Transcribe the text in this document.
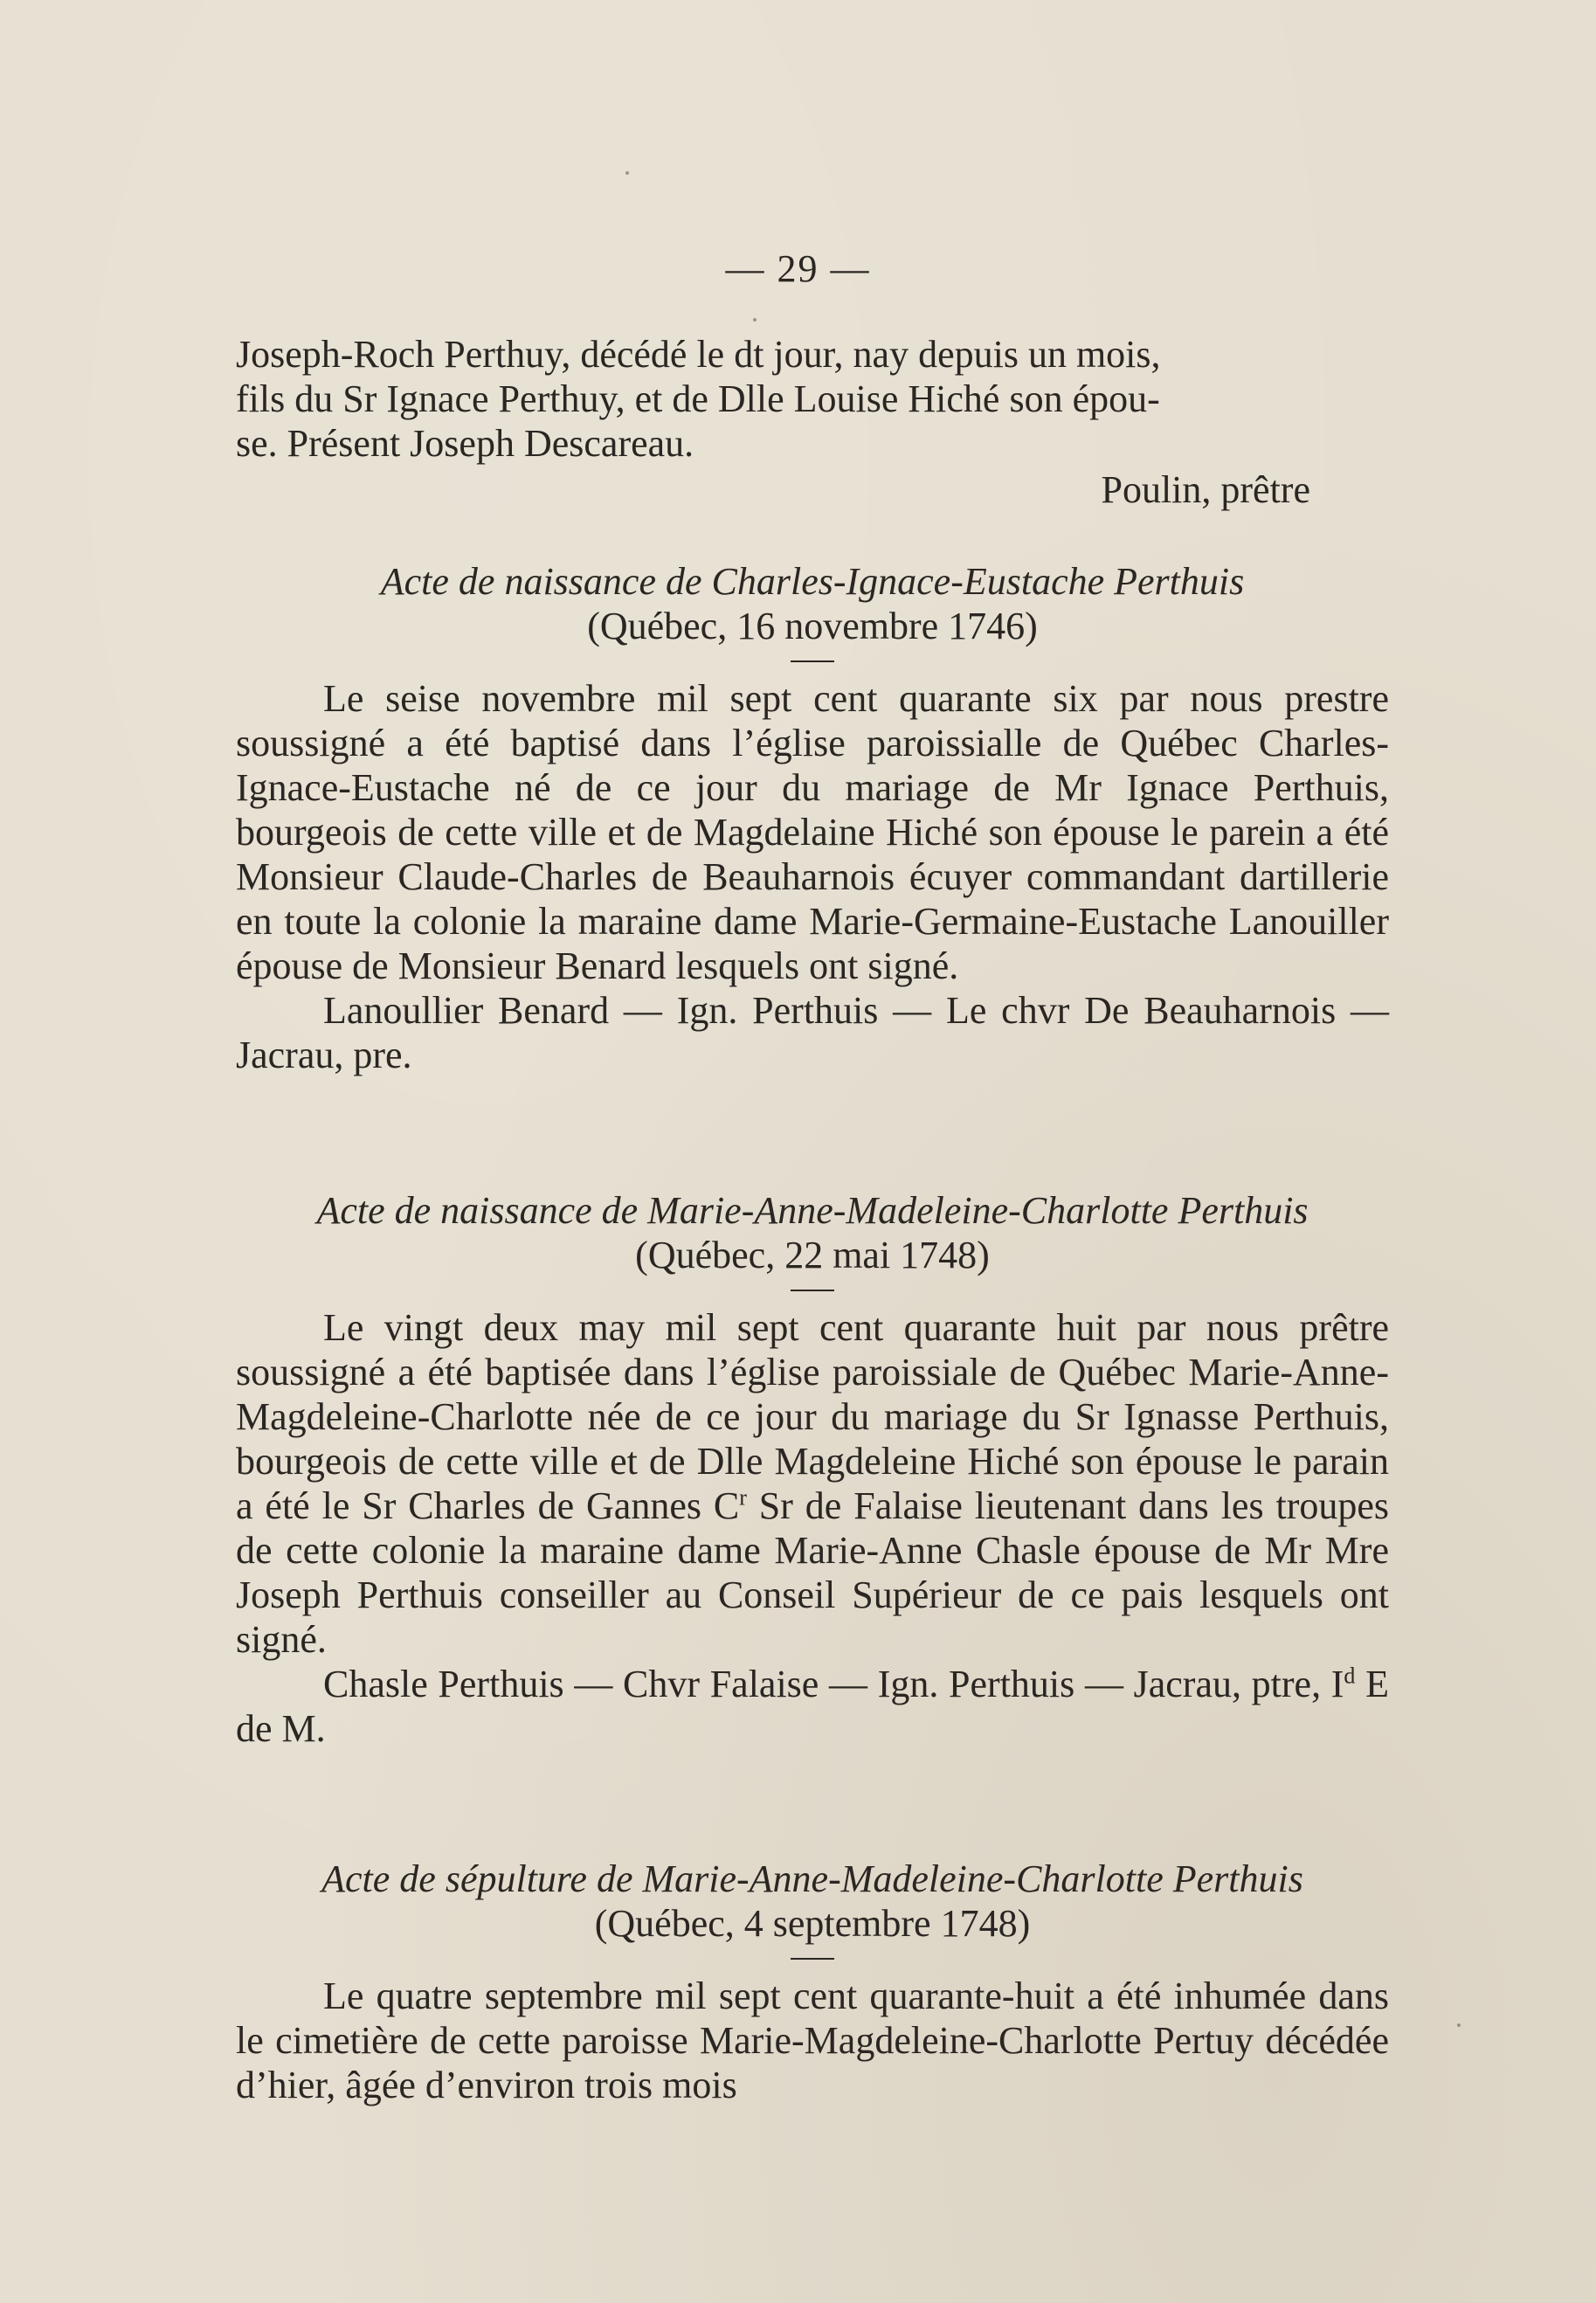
— 29 —

Joseph-Roch Perthuy, décédé le dt jour, nay depuis un mois,

fils du Sr Ignace Perthuy, et de Dlle Louise Hiché son épou-

se. Présent Joseph Descareau.

Poulin, prêtre

Acte de naissance de Charles-Ignace-Eustache Perthuis

(Québec, 16 novembre 1746)

Le seise novembre mil sept cent quarante six par nous prestre soussigné a été baptisé dans l’église paroissialle de Québec Charles-Ignace-Eustache né de ce jour du mariage de Mr Ignace Perthuis, bourgeois de cette ville et de Magdelaine Hiché son épouse le parein a été Monsieur Claude-Charles de Beauharnois écuyer commandant dartillerie en toute la colonie la maraine dame Marie-Germaine-Eustache Lanouiller épouse de Monsieur Benard lesquels ont signé.

Lanoullier Benard — Ign. Perthuis — Le chvr De Beauharnois — Jacrau, pre.

Acte de naissance de Marie-Anne-Madeleine-Charlotte Perthuis

(Québec, 22 mai 1748)

Le vingt deux may mil sept cent quarante huit par nous prêtre soussigné a été baptisée dans l’église paroissiale de Québec Marie-Anne-Magdeleine-Charlotte née de ce jour du mariage du Sr Ignasse Perthuis, bourgeois de cette ville et de Dlle Magdeleine Hiché son épouse le parain a été le Sr Charles de Gannes $C^r$ Sr de Falaise lieutenant dans les troupes de cette colonie la maraine dame Marie-Anne Chasle épouse de Mr Mre Joseph Perthuis conseiller au Conseil Supérieur de ce pais lesquels ont signé.

Chasle Perthuis — Chvr Falaise — Ign. Perthuis — Jacrau, ptre, $I^d$ E de M.

Acte de sépulture de Marie-Anne-Madeleine-Charlotte Perthuis

(Québec, 4 septembre 1748)

Le quatre septembre mil sept cent quarante-huit a été inhumée dans le cimetière de cette paroisse Marie-Magdeleine-Charlotte Pertuy décédée d’hier, âgée d’environ trois mois
